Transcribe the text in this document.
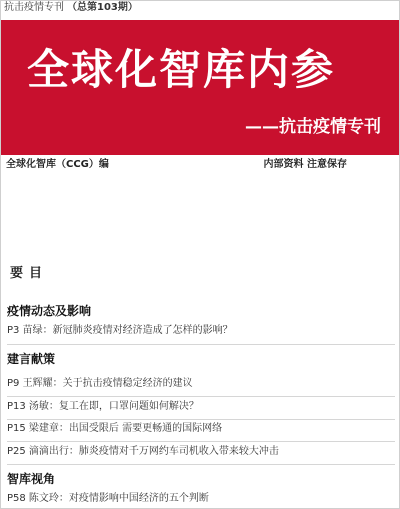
抗击疫情专刊 （总第103期）
全球化智库内参
——抗击疫情专刊
全球化智库（CCG）编	内部资料 注意保存
要目
疫情动态及影响
P3 苗绿：新冠肺炎疫情对经济造成了怎样的影响？
建言献策
P9 王辉耀：关于抗击疫情稳定经济的建议
P13 汤敏：复工在即，口罩问题如何解决？
P15 梁建章：出国受限后 需要更畅通的国际网络
P25 滴滴出行：肺炎疫情对千万网约车司机收入带来较大冲击
智库视角
P58 陈文玲：对疫情影响中国经济的五个判断
